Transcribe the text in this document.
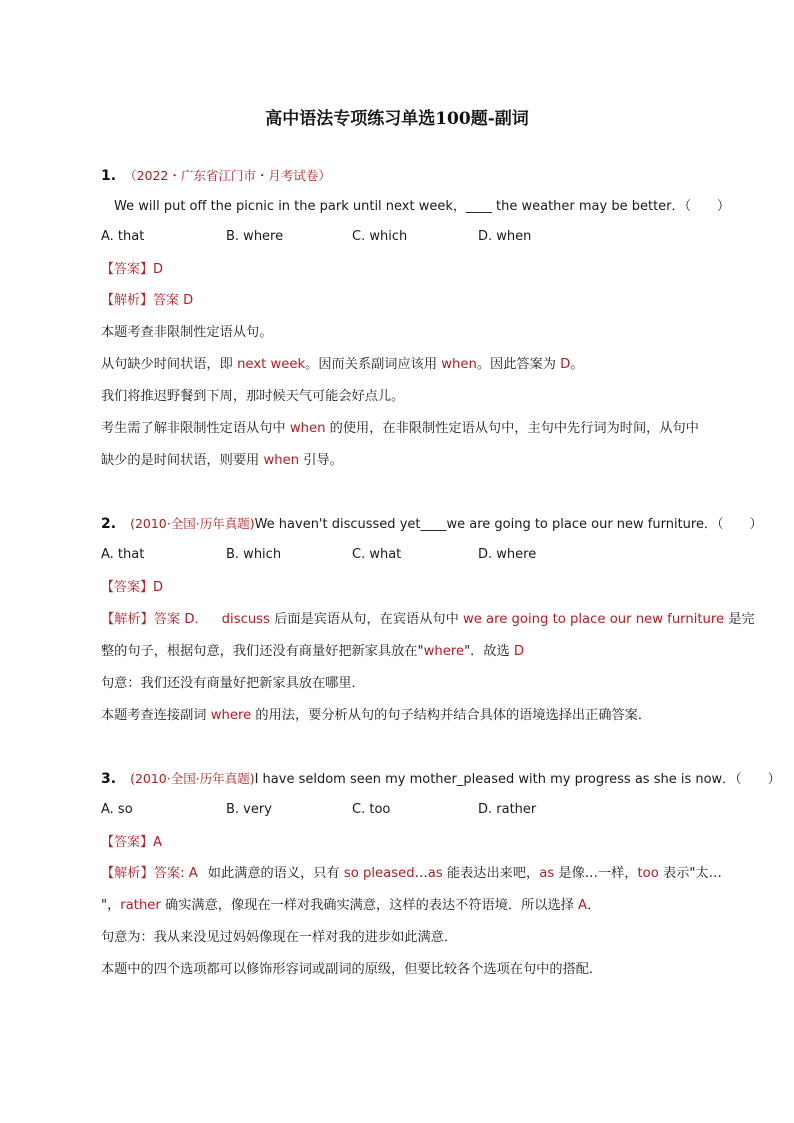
高中语法专项练习单选100题-副词
1. （2022・广东省江门市・月考试卷）
We will put off the picnic in the park until next week，____ the weather may be better．（　　）
A. that	B. where	C. which	D. when
【答案】D
【解析】答案 D
本题考查非限制性定语从句。
从句缺少时间状语，即 next week。因而关系副词应该用 when。因此答案为 D。
我们将推迟野餐到下周，那时候天气可能会好点儿。
考生需了解非限制性定语从句中 when 的使用，在非限制性定语从句中，主句中先行词为时间，从句中
缺少的是时间状语，则要用 when 引导。
2. (2010·全国·历年真题)We haven't discussed yet____we are going to place our new furniture．（　　）
A. that	B. which	C. what	D. where
【答案】D
【解析】答案 D． discuss 后面是宾语从句，在宾语从句中 we are going to place our new furniture 是完
整的句子，根据句意，我们还没有商量好把新家具放在"where"．故选 D
句意：我们还没有商量好把新家具放在哪里．
本题考查连接副词 where 的用法，要分析从句的句子结构并结合具体的语境选择出正确答案．
3. (2010·全国·历年真题)I have seldom seen my mother_pleased with my progress as she is now．（　　）
A. so	B. very	C. too	D. rather
【答案】A
【解析】答案: A 如此满意的语义，只有 so pleased…as 能表达出来吧，as 是像…一样，too 表示"太…
"，rather 确实满意，像现在一样对我确实满意，这样的表达不符语境．所以选择 A．
句意为：我从来没见过妈妈像现在一样对我的进步如此满意．
本题中的四个选项都可以修饰形容词或副词的原级，但要比较各个选项在句中的搭配．
